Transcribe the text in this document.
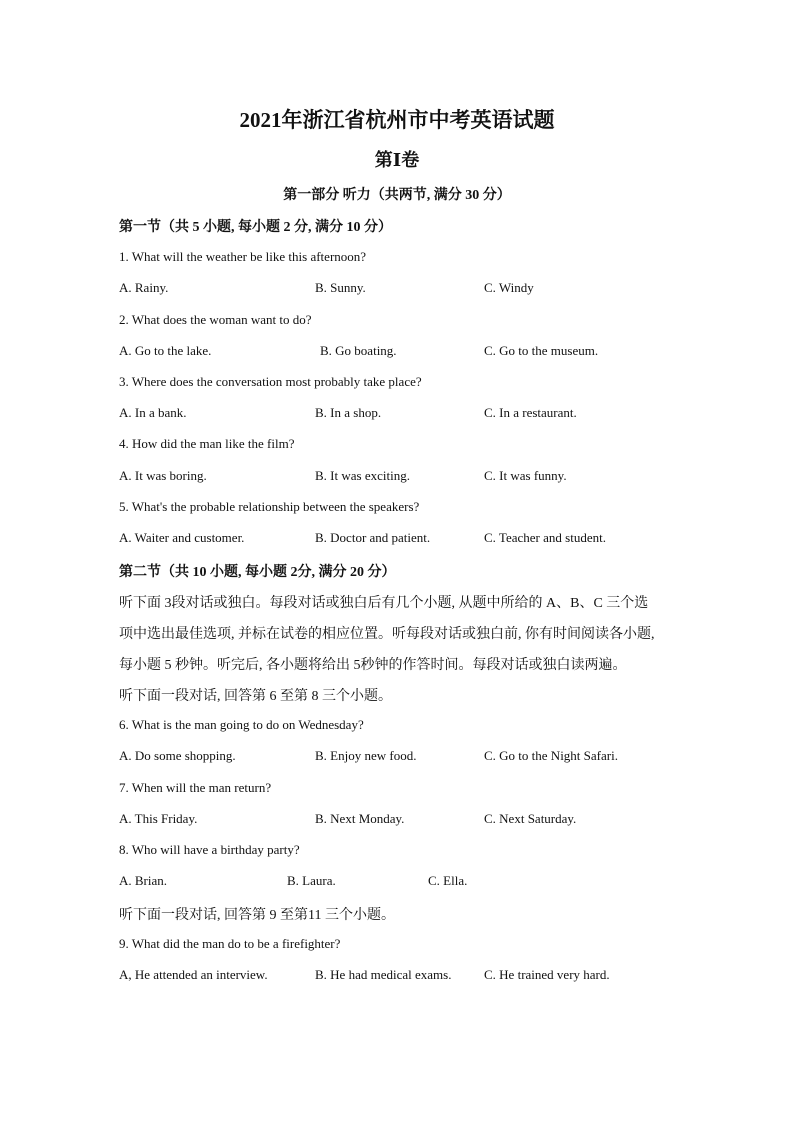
2021年浙江省杭州市中考英语试题
第Ⅰ卷
第一部分 听力（共两节, 满分 30 分）
第一节（共 5 小题, 每小题 2 分, 满分 10 分）
1. What will the weather be like this afternoon?
A. Rainy.	B. Sunny.	C. Windy
2. What does the woman want to do?
A. Go to the lake.	B. Go boating.	C. Go to the museum.
3. Where does the conversation most probably take place?
A. In a bank.	B. In a shop.	C. In a restaurant.
4. How did the man like the film?
A. It was boring.	B. It was exciting.	C. It was funny.
5. What's the probable relationship between the speakers?
A. Waiter and customer.	B. Doctor and patient.	C. Teacher and student.
第二节（共 10 小题, 每小题 2分, 满分 20 分）
听下面 3段对话或独白。每段对话或独白后有几个小题, 从题中所给的 A、B、C 三个选
项中选出最佳选项, 并标在试卷的相应位置。听每段对话或独白前, 你有时间阅读各小题,
每小题 5 秒钟。听完后, 各小题将给出 5秒钟的作答时间。每段对话或独白读两遍。
听下面一段对话, 回答第 6 至第 8 三个小题。
6. What is the man going to do on Wednesday?
A. Do some shopping.	B. Enjoy new food.	C. Go to the Night Safari.
7. When will the man return?
A. This Friday.	B. Next Monday.	C. Next Saturday.
8. Who will have a birthday party?
A. Brian.	B. Laura.	C. Ella.
听下面一段对话, 回答第 9 至第11 三个小题。
9. What did the man do to be a firefighter?
A, He attended an interview.	B. He had medical exams.	C. He trained very hard.
